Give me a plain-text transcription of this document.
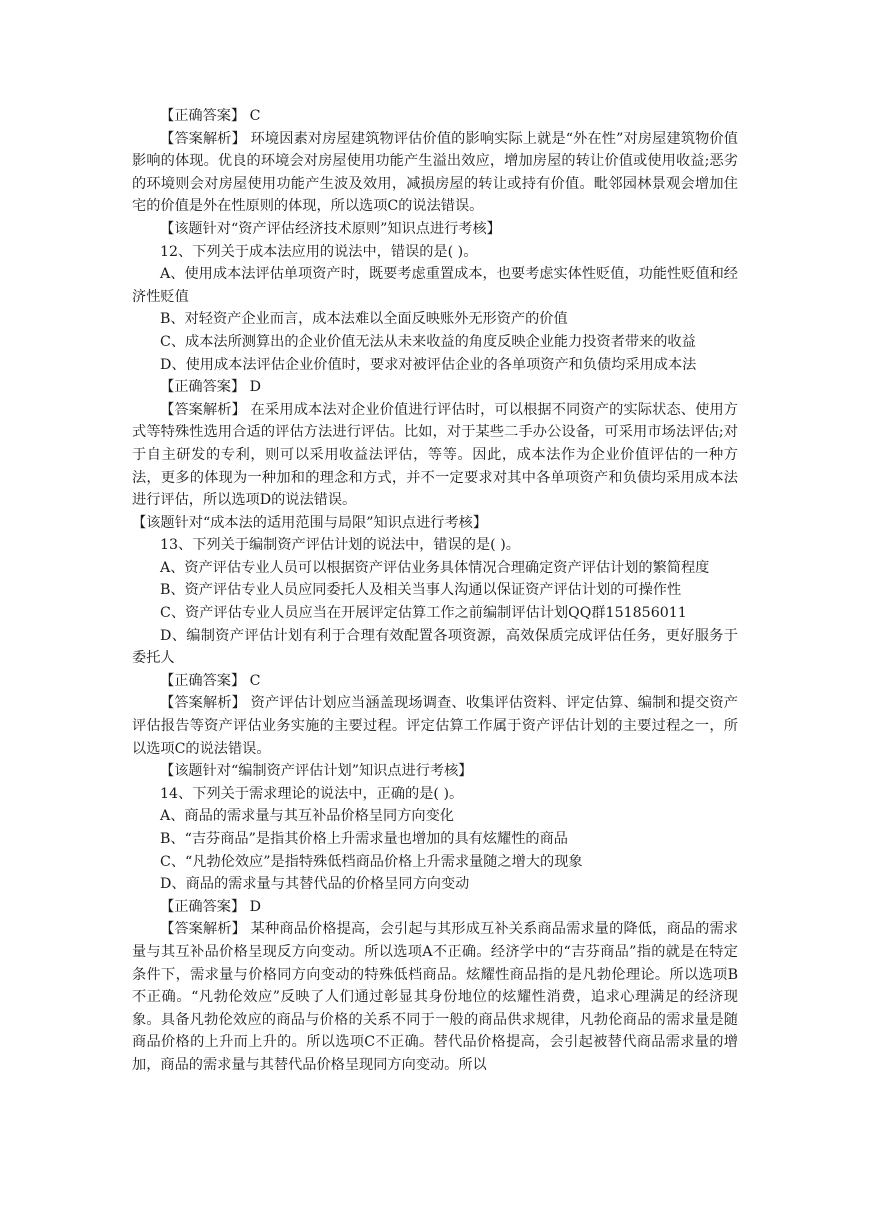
【正确答案】 C

【答案解析】 环境因素对房屋建筑物评估价值的影响实际上就是“外在性”对房屋建筑物价值影响的体现。优良的环境会对房屋使用功能产生溢出效应，增加房屋的转让价值或使用收益;恶劣的环境则会对房屋使用功能产生波及效用，减损房屋的转让或持有价值。毗邻园林景观会增加住宅的价值是外在性原则的体现，所以选项C的说法错误。

【该题针对“资产评估经济技术原则”知识点进行考核】

12、下列关于成本法应用的说法中，错误的是( )。

A、使用成本法评估单项资产时，既要考虑重置成本，也要考虑实体性贬值，功能性贬值和经济性贬值

B、对轻资产企业而言，成本法难以全面反映账外无形资产的价值

C、成本法所测算出的企业价值无法从未来收益的角度反映企业能力投资者带来的收益

D、使用成本法评估企业价值时，要求对被评估企业的各单项资产和负债均采用成本法

【正确答案】 D

【答案解析】 在采用成本法对企业价值进行评估时，可以根据不同资产的实际状态、使用方式等特殊性选用合适的评估方法进行评估。比如，对于某些二手办公设备，可采用市场法评估;对于自主研发的专利，则可以采用收益法评估，等等。因此，成本法作为企业价值评估的一种方法，更多的体现为一种加和的理念和方式，并不一定要求对其中各单项资产和负债均采用成本法进行评估，所以选项D的说法错误。

【该题针对“成本法的适用范围与局限”知识点进行考核】

13、下列关于编制资产评估计划的说法中，错误的是( )。

A、资产评估专业人员可以根据资产评估业务具体情况合理确定资产评估计划的繁简程度

B、资产评估专业人员应同委托人及相关当事人沟通以保证资产评估计划的可操作性

C、资产评估专业人员应当在开展评定估算工作之前编制评估计划QQ群151856011

D、编制资产评估计划有利于合理有效配置各项资源，高效保质完成评估任务，更好服务于委托人

【正确答案】 C

【答案解析】 资产评估计划应当涵盖现场调查、收集评估资料、评定估算、编制和提交资产评估报告等资产评估业务实施的主要过程。评定估算工作属于资产评估计划的主要过程之一，所以选项C的说法错误。

【该题针对“编制资产评估计划”知识点进行考核】

14、下列关于需求理论的说法中，正确的是( )。

A、商品的需求量与其互补品价格呈同方向变化

B、“吉芬商品”是指其价格上升需求量也增加的具有炫耀性的商品

C、“凡勃伦效应”是指特殊低档商品价格上升需求量随之增大的现象

D、商品的需求量与其替代品的价格呈同方向变动

【正确答案】 D

【答案解析】 某种商品价格提高，会引起与其形成互补关系商品需求量的降低，商品的需求量与其互补品价格呈现反方向变动。所以选项A不正确。经济学中的“吉芬商品”指的就是在特定条件下，需求量与价格同方向变动的特殊低档商品。炫耀性商品指的是凡勃伦理论。所以选项B不正确。“凡勃伦效应”反映了人们通过彰显其身份地位的炫耀性消费，追求心理满足的经济现象。具备凡勃伦效应的商品与价格的关系不同于一般的商品供求规律，凡勃伦商品的需求量是随商品价格的上升而上升的。所以选项C不正确。替代品价格提高，会引起被替代商品需求量的增加，商品的需求量与其替代品价格呈现同方向变动。所以
